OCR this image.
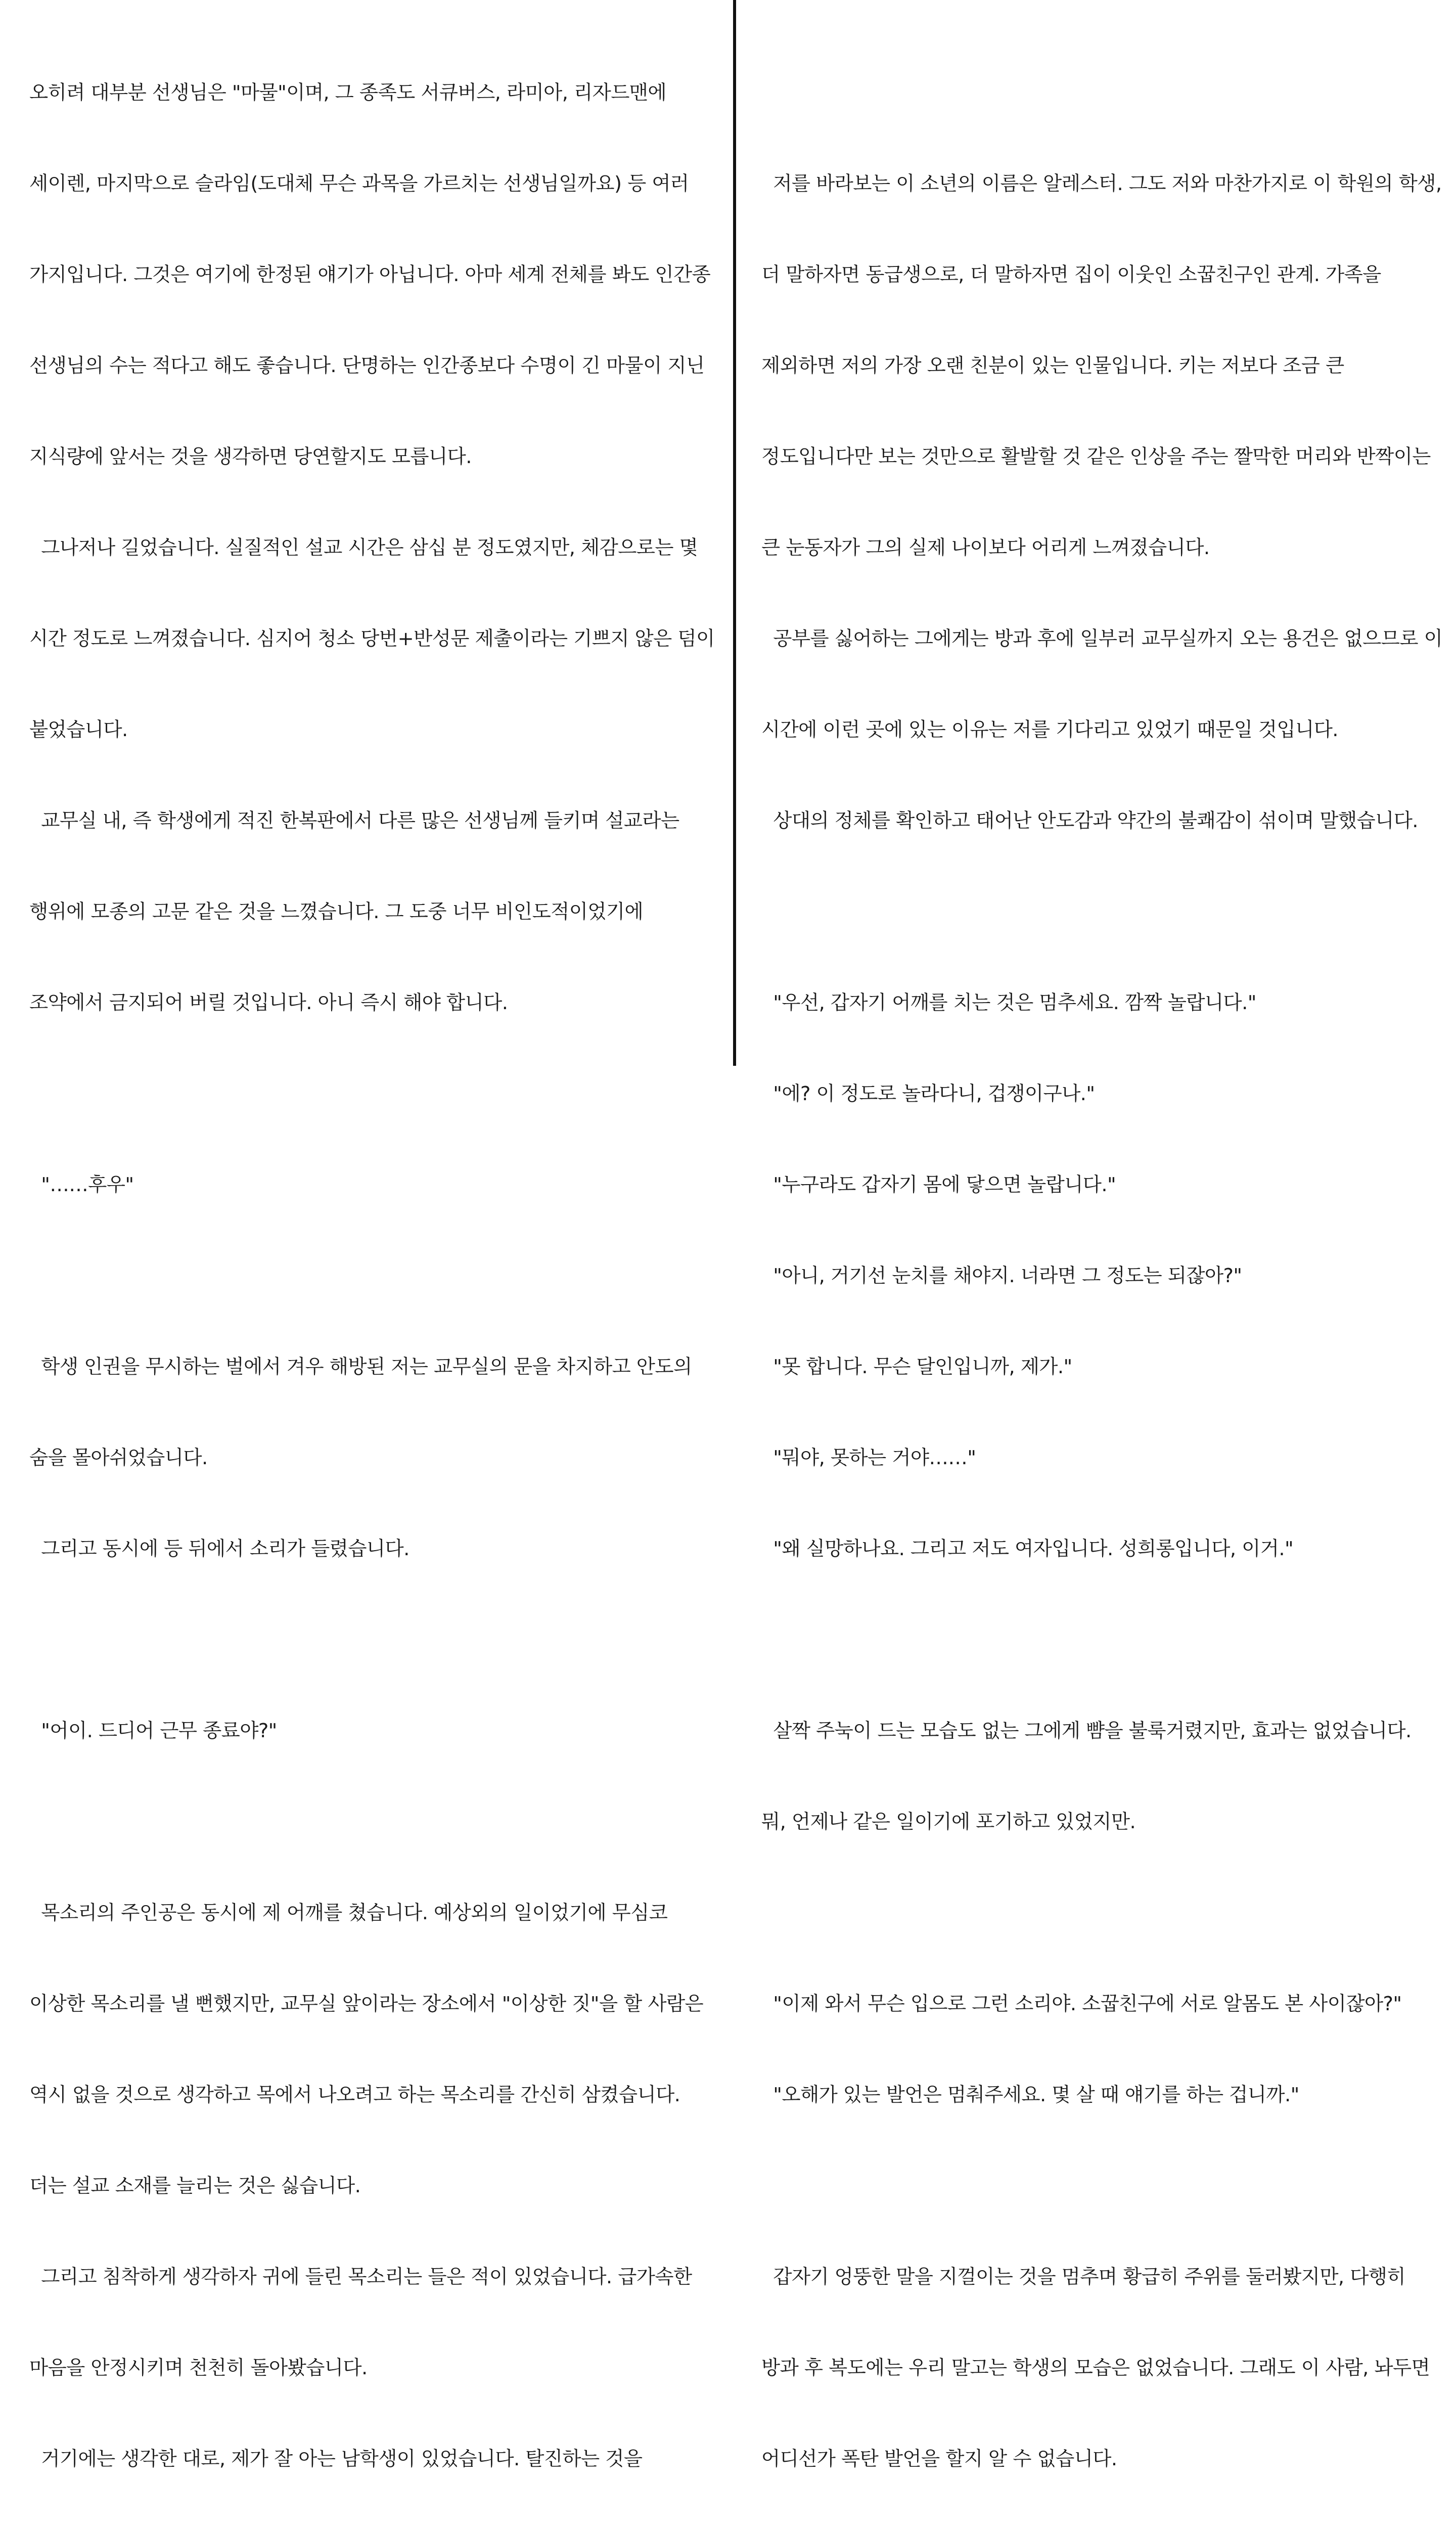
오히려 대부분 선생님은 "마물"이며, 그 종족도 서큐버스, 라미아, 리자드맨에

세이렌, 마지막으로 슬라임(도대체 무슨 과목을 가르치는 선생님일까요) 등 여러

가지입니다. 그것은 여기에 한정된 얘기가 아닙니다. 아마 세계 전체를 봐도 인간종

선생님의 수는 적다고 해도 좋습니다. 단명하는 인간종보다 수명이 긴 마물이 지닌

지식량에 앞서는 것을 생각하면 당연할지도 모릅니다.

그나저나 길었습니다. 실질적인 설교 시간은 삼십 분 정도였지만, 체감으로는 몇

시간 정도로 느껴졌습니다. 심지어 청소 당번+반성문 제출이라는 기쁘지 않은 덤이

붙었습니다.

교무실 내, 즉 학생에게 적진 한복판에서 다른 많은 선생님께 들키며 설교라는

행위에 모종의 고문 같은 것을 느꼈습니다. 그 도중 너무 비인도적이었기에

조약에서 금지되어 버릴 것입니다. 아니 즉시 해야 합니다.

"……후우"

학생 인권을 무시하는 벌에서 겨우 해방된 저는 교무실의 문을 차지하고 안도의

숨을 몰아쉬었습니다.

그리고 동시에 등 뒤에서 소리가 들렸습니다.

"어이. 드디어 근무 종료야?"

목소리의 주인공은 동시에 제 어깨를 쳤습니다. 예상외의 일이었기에 무심코

이상한 목소리를 낼 뻔했지만, 교무실 앞이라는 장소에서 "이상한 짓"을 할 사람은

역시 없을 것으로 생각하고 목에서 나오려고 하는 목소리를 간신히 삼켰습니다.

더는 설교 소재를 늘리는 것은 싫습니다.

그리고 침착하게 생각하자 귀에 들린 목소리는 들은 적이 있었습니다. 급가속한

마음을 안정시키며 천천히 돌아봤습니다.

거기에는 생각한 대로, 제가 잘 아는 남학생이 있었습니다. 탈진하는 것을

저를 바라보는 이 소년의 이름은 알레스터. 그도 저와 마찬가지로 이 학원의 학생,

더 말하자면 동급생으로, 더 말하자면 집이 이웃인 소꿉친구인 관계. 가족을

제외하면 저의 가장 오랜 친분이 있는 인물입니다. 키는 저보다 조금 큰

정도입니다만 보는 것만으로 활발할 것 같은 인상을 주는 짤막한 머리와 반짝이는

큰 눈동자가 그의 실제 나이보다 어리게 느껴졌습니다.

공부를 싫어하는 그에게는 방과 후에 일부러 교무실까지 오는 용건은 없으므로 이

시간에 이런 곳에 있는 이유는 저를 기다리고 있었기 때문일 것입니다.

상대의 정체를 확인하고 태어난 안도감과 약간의 불쾌감이 섞이며 말했습니다.

"우선, 갑자기 어깨를 치는 것은 멈추세요. 깜짝 놀랍니다."

"에? 이 정도로 놀라다니, 겁쟁이구나."

"누구라도 갑자기 몸에 닿으면 놀랍니다."

"아니, 거기선 눈치를 채야지. 너라면 그 정도는 되잖아?"

"못 합니다. 무슨 달인입니까, 제가."

"뭐야, 못하는 거야……"

"왜 실망하나요. 그리고 저도 여자입니다. 성희롱입니다, 이거."

살짝 주눅이 드는 모습도 없는 그에게 뺨을 불룩거렸지만, 효과는 없었습니다.

뭐, 언제나 같은 일이기에 포기하고 있었지만.

"이제 와서 무슨 입으로 그런 소리야. 소꿉친구에 서로 알몸도 본 사이잖아?"

"오해가 있는 발언은 멈춰주세요. 몇 살 때 얘기를 하는 겁니까."

갑자기 엉뚱한 말을 지껄이는 것을 멈추며 황급히 주위를 둘러봤지만, 다행히

방과 후 복도에는 우리 말고는 학생의 모습은 없었습니다. 그래도 이 사람, 놔두면

어디선가 폭탄 발언을 할지 알 수 없습니다.
